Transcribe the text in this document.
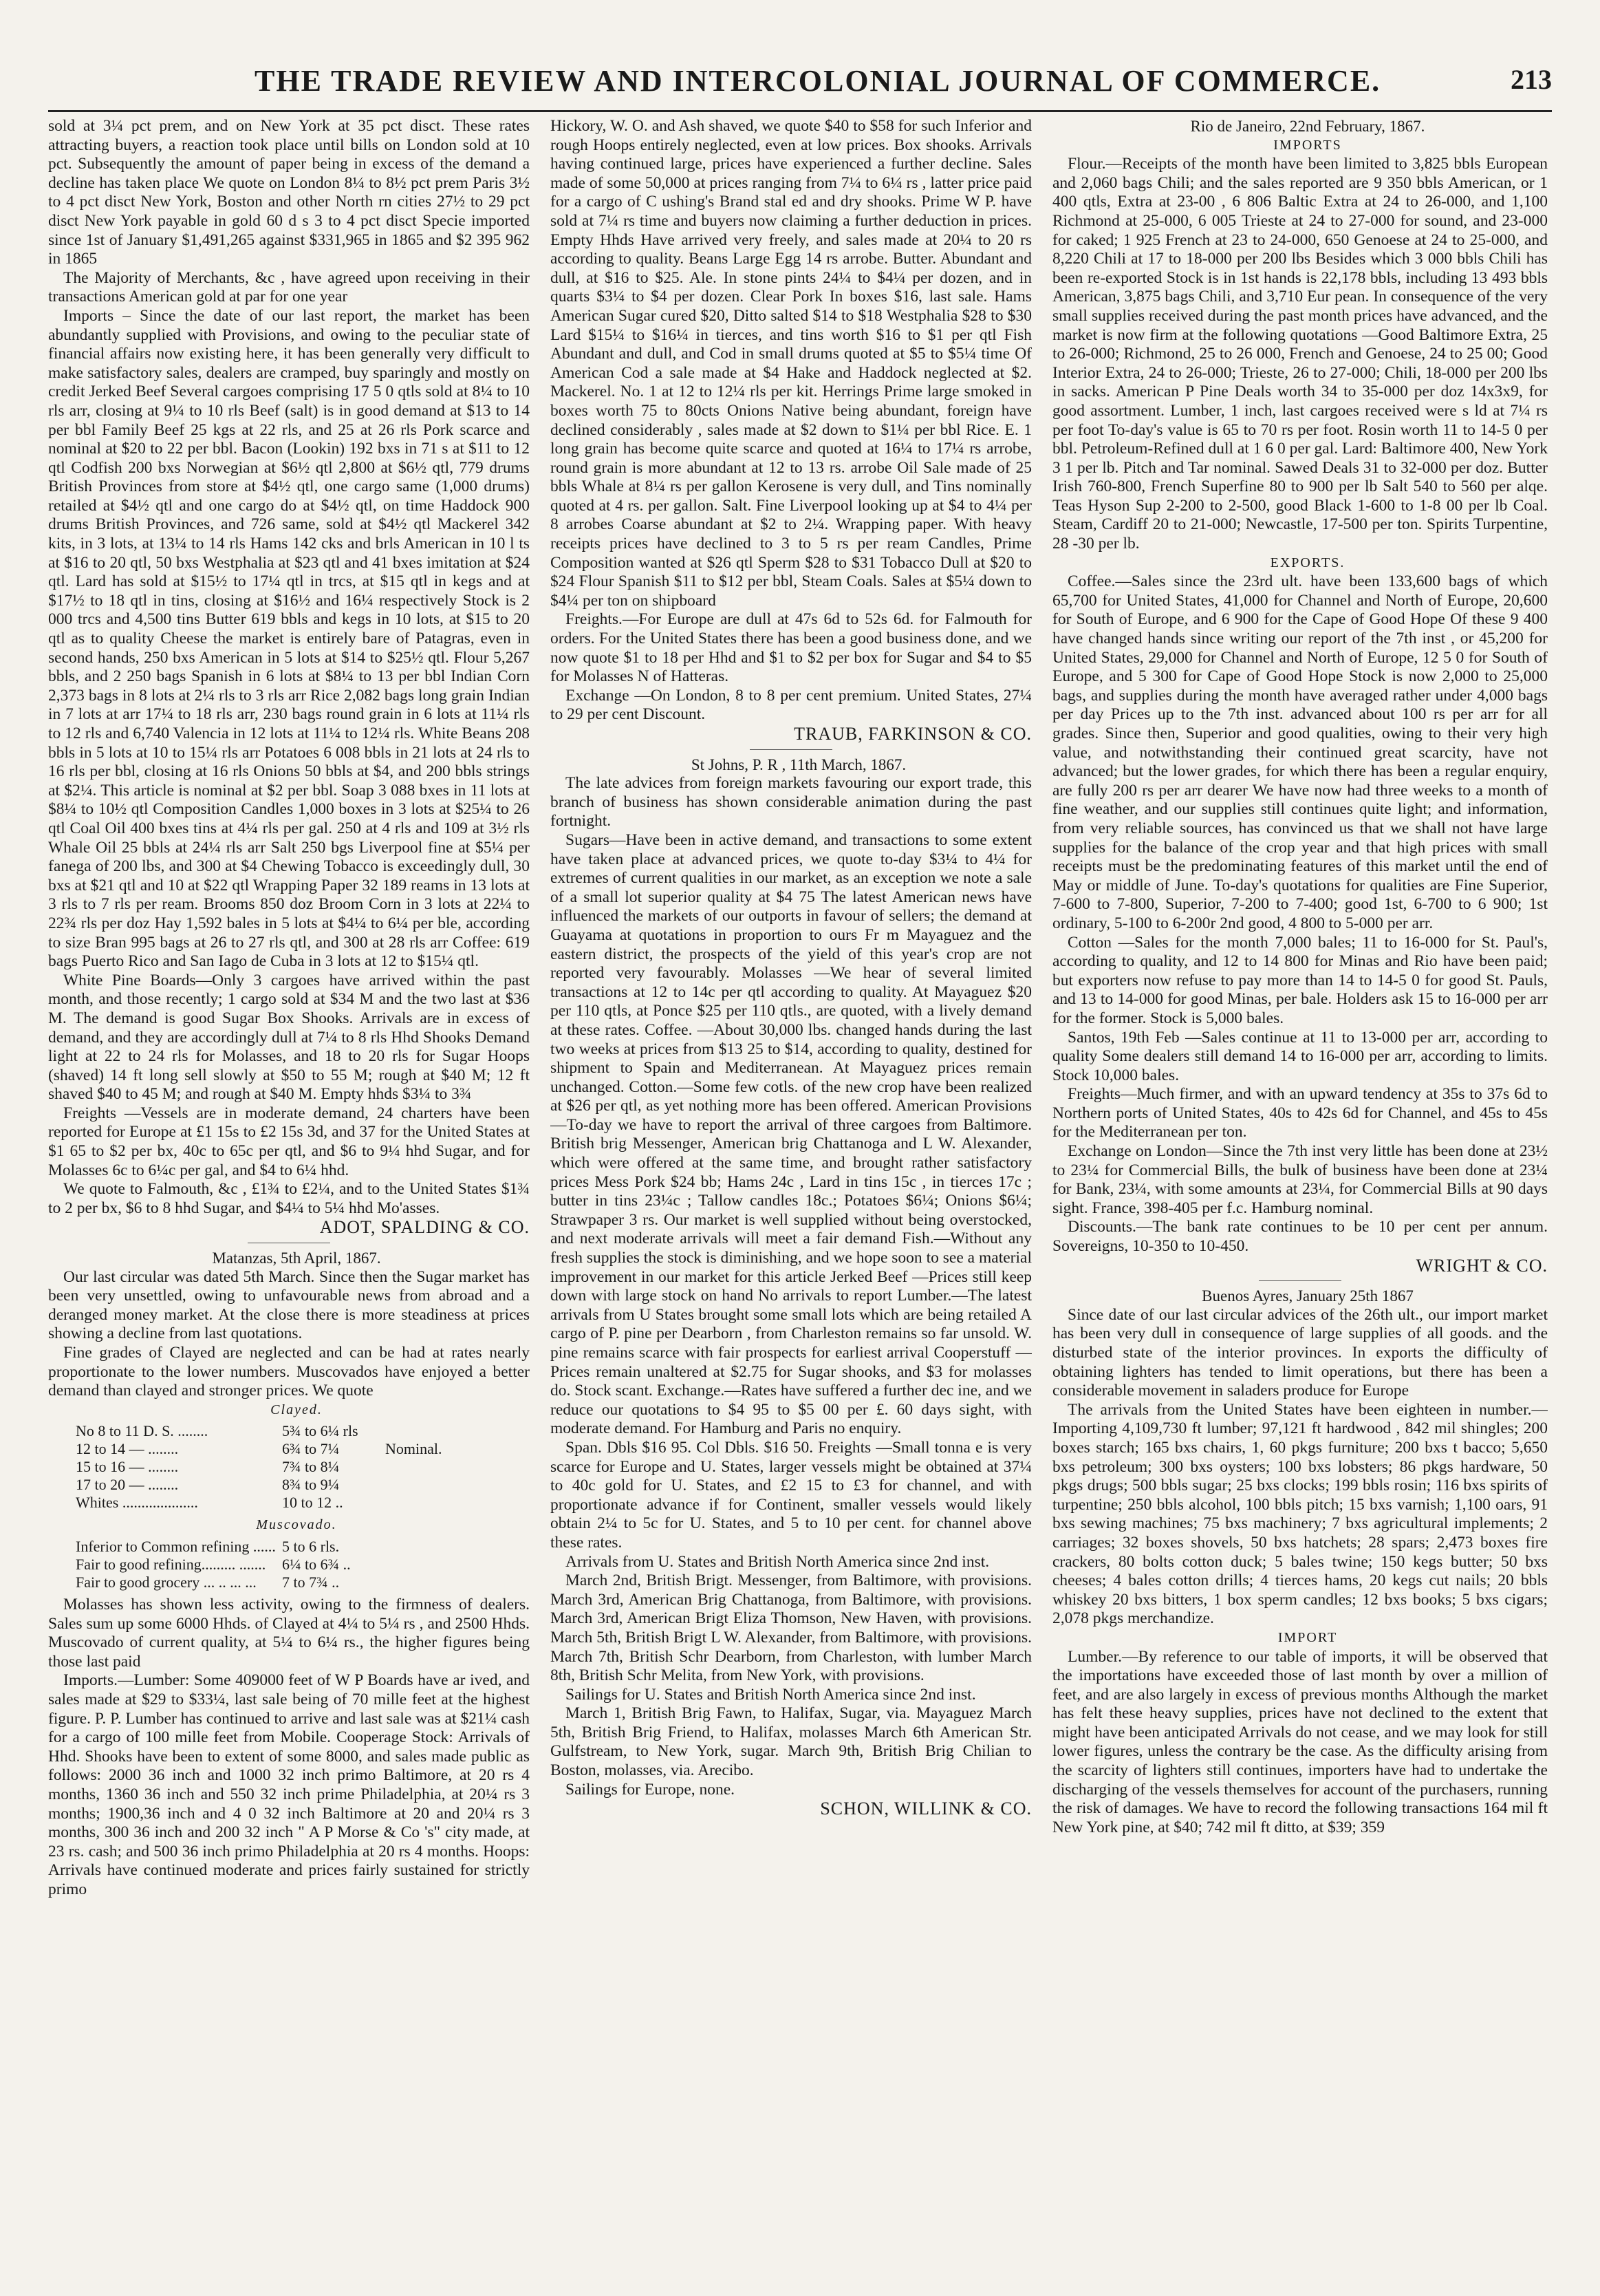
THE TRADE REVIEW AND INTERCOLONIAL JOURNAL OF COMMERCE.	213

sold at 3¼ pct prem, and on New York at 35 pct disct. These rates attracting buyers, a reaction took place until bills on London sold at 10 pct. Subsequently the amount of paper being in excess of the demand a decline has taken place We quote on London 8¼ to 8½ pct prem Paris 3½ to 4 pct disct New York, Boston and other North rn cities 27½ to 29 pct disct New York payable in gold 60 d s 3 to 4 pct disct Specie imported since 1st of January $1,491,265 against $331,965 in 1865 and $2 395 962 in 1865

The Majority of Merchants, &c , have agreed upon receiving in their transactions American gold at par for one year

Imports – Since the date of our last report, the market has been abundantly supplied with Provisions, and owing to the peculiar state of financial affairs now existing here, it has been generally very difficult to make satisfactory sales, dealers are cramped, buy sparingly and mostly on credit Jerked Beef Several cargoes comprising 17 5 0 qtls sold at 8¼ to 10 rls arr, closing at 9¼ to 10 rls Beef (salt) is in good demand at $13 to 14 per bbl Family Beef 25 kgs at 22 rls, and 25 at 26 rls Pork scarce and nominal at $20 to 22 per bbl. Bacon (Lookin) 192 bxs in 71 s at $11 to 12 qtl Codfish 200 bxs Norwegian at $6½ qtl 2,800 at $6½ qtl, 779 drums British Provinces from store at $4½ qtl, one cargo same (1,000 drums) retailed at $4½ qtl and one cargo do at $4½ qtl, on time Haddock 900 drums British Provinces, and 726 same, sold at $4½ qtl Mackerel 342 kits, in 3 lots, at 13¼ to 14 rls Hams 142 cks and brls American in 10 l ts at $16 to 20 qtl, 50 bxs Westphalia at $23 qtl and 41 bxes imitation at $24 qtl. Lard has sold at $15½ to 17¼ qtl in trcs, at $15 qtl in kegs and at $17½ to 18 qtl in tins, closing at $16½ and 16¼ respectively Stock is 2 000 trcs and 4,500 tins Butter 619 bbls and kegs in 10 lots, at $15 to 20 qtl as to quality Cheese the market is entirely bare of Patagras, even in second hands, 250 bxs American in 5 lots at $14 to $25½ qtl. Flour 5,267 bbls, and 2 250 bags Spanish in 6 lots at $8¼ to 13 per bbl Indian Corn 2,373 bags in 8 lots at 2¼ rls to 3 rls arr Rice 2,082 bags long grain Indian in 7 lots at arr 17¼ to 18 rls arr, 230 bags round grain in 6 lots at 11¼ rls to 12 rls and 6,740 Valencia in 12 lots at 11¼ to 12¼ rls. White Beans 208 bbls in 5 lots at 10 to 15¼ rls arr Potatoes 6 008 bbls in 21 lots at 24 rls to 16 rls per bbl, closing at 16 rls Onions 50 bbls at $4, and 200 bbls strings at $2¼. This article is nominal at $2 per bbl. Soap 3 088 bxes in 11 lots at $8¼ to 10½ qtl Composition Candles 1,000 boxes in 3 lots at $25¼ to 26 qtl Coal Oil 400 bxes tins at 4¼ rls per gal. 250 at 4 rls and 109 at 3½ rls Whale Oil 25 bbls at 24¼ rls arr Salt 250 bgs Liverpool fine at $5¼ per fanega of 200 lbs, and 300 at $4 Chewing Tobacco is exceedingly dull, 30 bxs at $21 qtl and 10 at $22 qtl Wrapping Paper 32 189 reams in 13 lots at 3 rls to 7 rls per ream. Brooms 850 doz Broom Corn in 3 lots at 22¼ to 22¾ rls per doz Hay 1,592 bales in 5 lots at $4¼ to 6¼ per ble, according to size Bran 995 bags at 26 to 27 rls qtl, and 300 at 28 rls arr Coffee: 619 bags Puerto Rico and San Iago de Cuba in 3 lots at 12 to $15¼ qtl.

White Pine Boards—Only 3 cargoes have arrived within the past month, and those recently; 1 cargo sold at $34 M and the two last at $36 M. The demand is good Sugar Box Shooks. Arrivals are in excess of demand, and they are accordingly dull at 7¼ to 8 rls Hhd Shooks Demand light at 22 to 24 rls for Molasses, and 18 to 20 rls for Sugar Hoops (shaved) 14 ft long sell slowly at $50 to 55 M; rough at $40 M; 12 ft shaved $40 to 45 M; and rough at $40 M. Empty hhds $3¼ to 3¾

Freights —Vessels are in moderate demand, 24 charters have been reported for Europe at £1 15s to £2 15s 3d, and 37 for the United States at $1 65 to $2 per bx, 40c to 65c per qtl, and $6 to 9¼ hhd Sugar, and for Molasses 6c to 6¼c per gal, and $4 to 6¼ hhd.

We quote to Falmouth, &c , £1¾ to £2¼, and to the United States $1¾ to 2 per bx, $6 to 8 hhd Sugar, and $4¼ to 5¼ hhd Mo'asses.

ADOT, SPALDING & CO.

Matanzas, 5th April, 1867.

Our last circular was dated 5th March. Since then the Sugar market has been very unsettled, owing to unfavourable news from abroad and a deranged money market. At the close there is more steadiness at prices showing a decline from last quotations.

Fine grades of Clayed are neglected and can be had at rates nearly proportionate to the lower numbers. Muscovados have enjoyed a better demand than clayed and stronger prices. We quote

Clayed.

No 8 to 11 D. S. ........	5¾ to 6¼ rls
12 to 14 — ........	6¾ to 7¼	Nominal.
15 to 16 — ........	7¾ to 8¼
17 to 20 — ........	8¾ to 9¼
Whites ....................	10 to 12 ..

Muscovado.

Inferior to Common refining ...... 5 to 6 rls.
Fair to good refining......... .......	6¼ to 6¾ ..
Fair to good grocery ... .. ... ...	7 to 7¾ ..

Molasses has shown less activity, owing to the firmness of dealers. Sales sum up some 6000 Hhds. of Clayed at 4¼ to 5¼ rs , and 2500 Hhds. Muscovado of current quality, at 5¼ to 6¼ rs., the higher figures being those last paid

Imports.—Lumber: Some 409000 feet of W P Boards have ar ived, and sales made at $29 to $33¼, last sale being of 70 mille feet at the highest figure. P. P. Lumber has continued to arrive and last sale was at $21¼ cash for a cargo of 100 mille feet from Mobile. Cooperage Stock: Arrivals of Hhd. Shooks have been to extent of some 8000, and sales made public as follows: 2000 36 inch and 1000 32 inch primo Baltimore, at 20 rs 4 months, 1360 36 inch and 550 32 inch prime Philadelphia, at 20¼ rs 3 months; 1900,36 inch and 4 0 32 inch Baltimore at 20 and 20¼ rs 3 months, 300 36 inch and 200 32 inch " A P Morse & Co 's" city made, at 23 rs. cash; and 500 36 inch primo Philadelphia at 20 rs 4 months. Hoops: Arrivals have continued moderate and prices fairly sustained for strictly primo

Hickory, W. O. and Ash shaved, we quote $40 to $58 for such Inferior and rough Hoops entirely neglected, even at low prices. Box shooks. Arrivals having continued large, prices have experienced a further decline. Sales made of some 50,000 at prices ranging from 7¼ to 6¼ rs , latter price paid for a cargo of C ushing's Brand stal ed and dry shooks. Prime W P. have sold at 7¼ rs time and buyers now claiming a further deduction in prices. Empty Hhds Have arrived very freely, and sales made at 20¼ to 20 rs according to quality. Beans Large Egg 14 rs arrobe. Butter. Abundant and dull, at $16 to $25. Ale. In stone pints 24¼ to $4¼ per dozen, and in quarts $3¼ to $4 per dozen. Clear Pork In boxes $16, last sale. Hams American Sugar cured $20, Ditto salted $14 to $18 Westphalia $28 to $30 Lard $15¼ to $16¼ in tierces, and tins worth $16 to $1 per qtl Fish Abundant and dull, and Cod in small drums quoted at $5 to $5¼ time Of American Cod a sale made at $4 Hake and Haddock neglected at $2. Mackerel. No. 1 at 12 to 12¼ rls per kit. Herrings Prime large smoked in boxes worth 75 to 80cts Onions Native being abundant, foreign have declined considerably , sales made at $2 down to $1¼ per bbl Rice. E. 1 long grain has become quite scarce and quoted at 16¼ to 17¼ rs arrobe, round grain is more abundant at 12 to 13 rs. arrobe Oil Sale made of 25 bbls Whale at 8¼ rs per gallon Kerosene is very dull, and Tins nominally quoted at 4 rs. per gallon. Salt. Fine Liverpool looking up at $4 to 4¼ per 8 arrobes Coarse abundant at $2 to 2¼. Wrapping paper. With heavy receipts prices have declined to 3 to 5 rs per ream Candles, Prime Composition wanted at $26 qtl Sperm $28 to $31 Tobacco Dull at $20 to $24 Flour Spanish $11 to $12 per bbl, Steam Coals. Sales at $5¼ down to $4¼ per ton on shipboard

Freights.—For Europe are dull at 47s 6d to 52s 6d. for Falmouth for orders. For the United States there has been a good business done, and we now quote $1 to 18 per Hhd and $1 to $2 per box for Sugar and $4 to $5 for Molasses N of Hatteras.

Exchange —On London, 8 to 8 per cent premium. United States, 27¼ to 29 per cent Discount.

TRAUB, FARKINSON & CO.

St Johns, P. R , 11th March, 1867.

The late advices from foreign markets favouring our export trade, this branch of business has shown considerable animation during the past fortnight.

Sugars—Have been in active demand, and transactions to some extent have taken place at advanced prices, we quote to-day $3¼ to 4¼ for extremes of current qualities in our market, as an exception we note a sale of a small lot superior quality at $4 75 The latest American news have influenced the markets of our outports in favour of sellers; the demand at Guayama at quotations in proportion to ours Fr m Mayaguez and the eastern district, the prospects of the yield of this year's crop are not reported very favourably. Molasses —We hear of several limited transactions at 12 to 14c per qtl according to quality. At Mayaguez $20 per 110 qtls, at Ponce $25 per 110 qtls., are quoted, with a lively demand at these rates. Coffee. —About 30,000 lbs. changed hands during the last two weeks at prices from $13 25 to $14, according to quality, destined for shipment to Spain and Mediterranean. At Mayaguez prices remain unchanged. Cotton.—Some few cotls. of the new crop have been realized at $26 per qtl, as yet nothing more has been offered. American Provisions—To-day we have to report the arrival of three cargoes from Baltimore. British brig Messenger, American brig Chattanoga and L W. Alexander, which were offered at the same time, and brought rather satisfactory prices Mess Pork $24 bb; Hams 24c , Lard in tins 15c , in tierces 17c ; butter in tins 23¼c ; Tallow candles 18c.; Potatoes $6¼; Onions $6¼; Strawpaper 3 rs. Our market is well supplied without being overstocked, and next moderate arrivals will meet a fair demand Fish.—Without any fresh supplies the stock is diminishing, and we hope soon to see a material improvement in our market for this article Jerked Beef —Prices still keep down with large stock on hand No arrivals to report Lumber.—The latest arrivals from U States brought some small lots which are being retailed A cargo of P. pine per Dearborn , from Charleston remains so far unsold. W. pine remains scarce with fair prospects for earliest arrival Cooperstuff —Prices remain unaltered at $2.75 for Sugar shooks, and $3 for molasses do. Stock scant. Exchange.—Rates have suffered a further dec ine, and we reduce our quotations to $4 95 to $5 00 per £. 60 days sight, with moderate demand. For Hamburg and Paris no enquiry.

Span. Dbls $16 95. Col Dbls. $16 50. Freights —Small tonna e is very scarce for Europe and U. States, larger vessels might be obtained at 37¼ to 40c gold for U. States, and £2 15 to £3 for channel, and with proportionate advance if for Continent, smaller vessels would likely obtain 2¼ to 5c for U. States, and 5 to 10 per cent. for channel above these rates.

Arrivals from U. States and British North America since 2nd inst.

March 2nd, British Brigt. Messenger, from Baltimore, with provisions. March 3rd, American Brig Chattanoga, from Baltimore, with provisions. March 3rd, American Brigt Eliza Thomson, New Haven, with provisions. March 5th, British Brigt L W. Alexander, from Baltimore, with provisions. March 7th, British Schr Dearborn, from Charleston, with lumber March 8th, British Schr Melita, from New York, with provisions.

Sailings for U. States and British North America since 2nd inst.

March 1, British Brig Fawn, to Halifax, Sugar, via. Mayaguez March 5th, British Brig Friend, to Halifax, molasses March 6th American Str. Gulfstream, to New York, sugar. March 9th, British Brig Chilian to Boston, molasses, via. Arecibo.

Sailings for Europe, none.

SCHON, WILLINK & CO.

Rio de Janeiro, 22nd February, 1867.

IMPORTS

Flour.—Receipts of the month have been limited to 3,825 bbls European and 2,060 bags Chili; and the sales reported are 9 350 bbls American, or 1 400 qtls, Extra at 23-00 , 6 806 Baltic Extra at 24 to 26-000, and 1,100 Richmond at 25-000, 6 005 Trieste at 24 to 27-000 for sound, and 23-000 for caked; 1 925 French at 23 to 24-000, 650 Genoese at 24 to 25-000, and 8,220 Chili at 17 to 18-000 per 200 lbs Besides which 3 000 bbls Chili has been re-exported Stock is in 1st hands is 22,178 bbls, including 13 493 bbls American, 3,875 bags Chili, and 3,710 Eur pean. In consequence of the very small supplies received during the past month prices have advanced, and the market is now firm at the following quotations —Good Baltimore Extra, 25 to 26-000; Richmond, 25 to 26 000, French and Genoese, 24 to 25 00; Good Interior Extra, 24 to 26-000; Trieste, 26 to 27-000; Chili, 18-000 per 200 lbs in sacks. American P Pine Deals worth 34 to 35-000 per doz 14x3x9, for good assortment. Lumber, 1 inch, last cargoes received were s ld at 7¼ rs per foot To-day's value is 65 to 70 rs per foot. Rosin worth 11 to 14-5 0 per bbl. Petroleum-Refined dull at 1 6 0 per gal. Lard: Baltimore 400, New York 3 1 per lb. Pitch and Tar nominal. Sawed Deals 31 to 32-000 per doz. Butter Irish 760-800, French Superfine 80 to 900 per lb Salt 540 to 560 per alqe. Teas Hyson Sup 2-200 to 2-500, good Black 1-600 to 1-8 00 per lb Coal. Steam, Cardiff 20 to 21-000; Newcastle, 17-500 per ton. Spirits Turpentine, 28 -30 per lb.

EXPORTS.

Coffee.—Sales since the 23rd ult. have been 133,600 bags of which 65,700 for United States, 41,000 for Channel and North of Europe, 20,600 for South of Europe, and 6 900 for the Cape of Good Hope Of these 9 400 have changed hands since writing our report of the 7th inst , or 45,200 for United States, 29,000 for Channel and North of Europe, 12 5 0 for South of Europe, and 5 300 for Cape of Good Hope Stock is now 2,000 to 25,000 bags, and supplies during the month have averaged rather under 4,000 bags per day Prices up to the 7th inst. advanced about 100 rs per arr for all grades. Since then, Superior and good qualities, owing to their very high value, and notwithstanding their continued great scarcity, have not advanced; but the lower grades, for which there has been a regular enquiry, are fully 200 rs per arr dearer We have now had three weeks to a month of fine weather, and our supplies still continues quite light; and information, from very reliable sources, has convinced us that we shall not have large supplies for the balance of the crop year and that high prices with small receipts must be the predominating features of this market until the end of May or middle of June. To-day's quotations for qualities are Fine Superior, 7-600 to 7-800, Superior, 7-200 to 7-400; good 1st, 6-700 to 6 900; 1st ordinary, 5-100 to 6-200r 2nd good, 4 800 to 5-000 per arr.

Cotton —Sales for the month 7,000 bales; 11 to 16-000 for St. Paul's, according to quality, and 12 to 14 800 for Minas and Rio have been paid; but exporters now refuse to pay more than 14 to 14-5 0 for good St. Pauls, and 13 to 14-000 for good Minas, per bale. Holders ask 15 to 16-000 per arr for the former. Stock is 5,000 bales.

Santos, 19th Feb —Sales continue at 11 to 13-000 per arr, according to quality Some dealers still demand 14 to 16-000 per arr, according to limits. Stock 10,000 bales.

Freights—Much firmer, and with an upward tendency at 35s to 37s 6d to Northern ports of United States, 40s to 42s 6d for Channel, and 45s to 45s for the Mediterranean per ton.

Exchange on London—Since the 7th inst very little has been done at 23½ to 23¼ for Commercial Bills, the bulk of business have been done at 23¼ for Bank, 23¼, with some amounts at 23¼, for Commercial Bills at 90 days sight. France, 398-405 per f.c. Hamburg nominal.

Discounts.—The bank rate continues to be 10 per cent per annum. Sovereigns, 10-350 to 10-450.

WRIGHT & CO.

Buenos Ayres, January 25th 1867

Since date of our last circular advices of the 26th ult., our import market has been very dull in consequence of large supplies of all goods. and the disturbed state of the interior provinces. In exports the difficulty of obtaining lighters has tended to limit operations, but there has been a considerable movement in saladers produce for Europe

The arrivals from the United States have been eighteen in number.—Importing 4,109,730 ft lumber; 97,121 ft hardwood , 842 mil shingles; 200 boxes starch; 165 bxs chairs, 1, 60 pkgs furniture; 200 bxs t bacco; 5,650 bxs petroleum; 300 bxs oysters; 100 bxs lobsters; 86 pkgs hardware, 50 pkgs drugs; 500 bbls sugar; 25 bxs clocks; 199 bbls rosin; 116 bxs spirits of turpentine; 250 bbls alcohol, 100 bbls pitch; 15 bxs varnish; 1,100 oars, 91 bxs sewing machines; 75 bxs machinery; 7 bxs agricultural implements; 2 carriages; 32 boxes shovels, 50 bxs hatchets; 28 spars; 2,473 boxes fire crackers, 80 bolts cotton duck; 5 bales twine; 150 kegs butter; 50 bxs cheeses; 4 bales cotton drills; 4 tierces hams, 20 kegs cut nails; 20 bbls whiskey 20 bxs bitters, 1 box sperm candles; 12 bxs books; 5 bxs cigars; 2,078 pkgs merchandize.

IMPORT

Lumber.—By reference to our table of imports, it will be observed that the importations have exceeded those of last month by over a million of feet, and are also largely in excess of previous months Although the market has felt these heavy supplies, prices have not declined to the extent that might have been anticipated Arrivals do not cease, and we may look for still lower figures, unless the contrary be the case. As the difficulty arising from the scarcity of lighters still continues, importers have had to undertake the discharging of the vessels themselves for account of the purchasers, running the risk of damages. We have to record the following transactions 164 mil ft New York pine, at $40; 742 mil ft ditto, at $39; 359
